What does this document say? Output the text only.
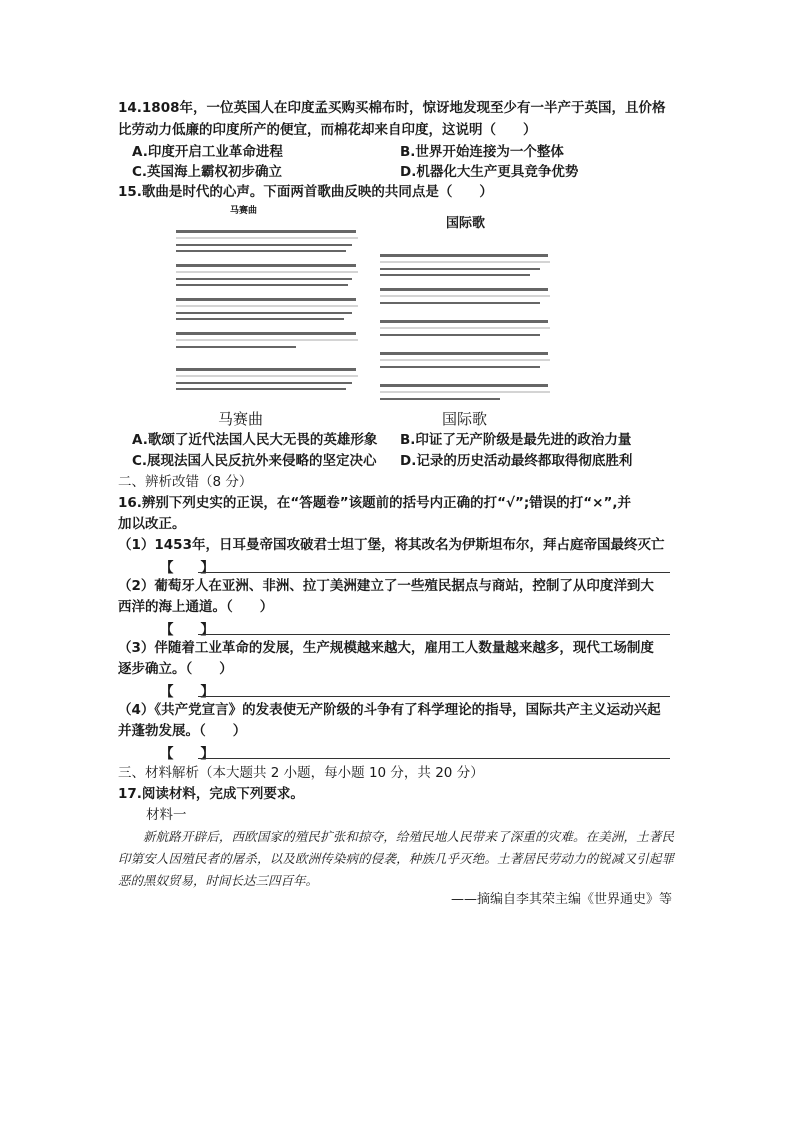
14.1808年，一位英国人在印度孟买购买棉布时，惊讶地发现至少有一半产于英国，且价格
比劳动力低廉的印度所产的便宜，而棉花却来自印度，这说明（　　）
A.印度开启工业革命进程	B.世界开始连接为一个整体
C.英国海上霸权初步确立	D.机器化大生产更具竞争优势
15.歌曲是时代的心声。下面两首歌曲反映的共同点是（　　）
马赛曲
国际歌
马赛曲	国际歌
A.歌颂了近代法国人民大无畏的英雄形象 B.印证了无产阶级是最先进的政治力量
C.展现法国人民反抗外来侵略的坚定决心 D.记录的历史活动最终都取得彻底胜利
二、辨析改错（8 分）
16.辨别下列史实的正误，在“答题卷”该题前的括号内正确的打“√”;错误的打“×”,并
加以改正。
（1）1453年，日耳曼帝国攻破君士坦丁堡，将其改名为伊斯坦布尔，拜占庭帝国最终灭亡
【　　】
（2）葡萄牙人在亚洲、非洲、拉丁美洲建立了一些殖民据点与商站，控制了从印度洋到大
西洋的海上通道。（　　）
【　　】
（3）伴随着工业革命的发展，生产规模越来越大，雇用工人数量越来越多，现代工场制度
逐步确立。（　　）
【　　】
（4）《共产党宣言》的发表使无产阶级的斗争有了科学理论的指导，国际共产主义运动兴起
并蓬勃发展。（　　）
【　　】
三、材料解析（本大题共 2 小题，每小题 10 分，共 20 分）
17.阅读材料，完成下列要求。
材料一
新航路开辟后，西欧国家的殖民扩张和掠夺，给殖民地人民带来了深重的灾难。在美洲，土著民印第安人因殖民者的屠杀，以及欧洲传染病的侵袭，种族几乎灭绝。土著居民劳动力的锐减又引起罪恶的黑奴贸易，时间长达三四百年。
——摘编自李其荣主编《世界通史》等
